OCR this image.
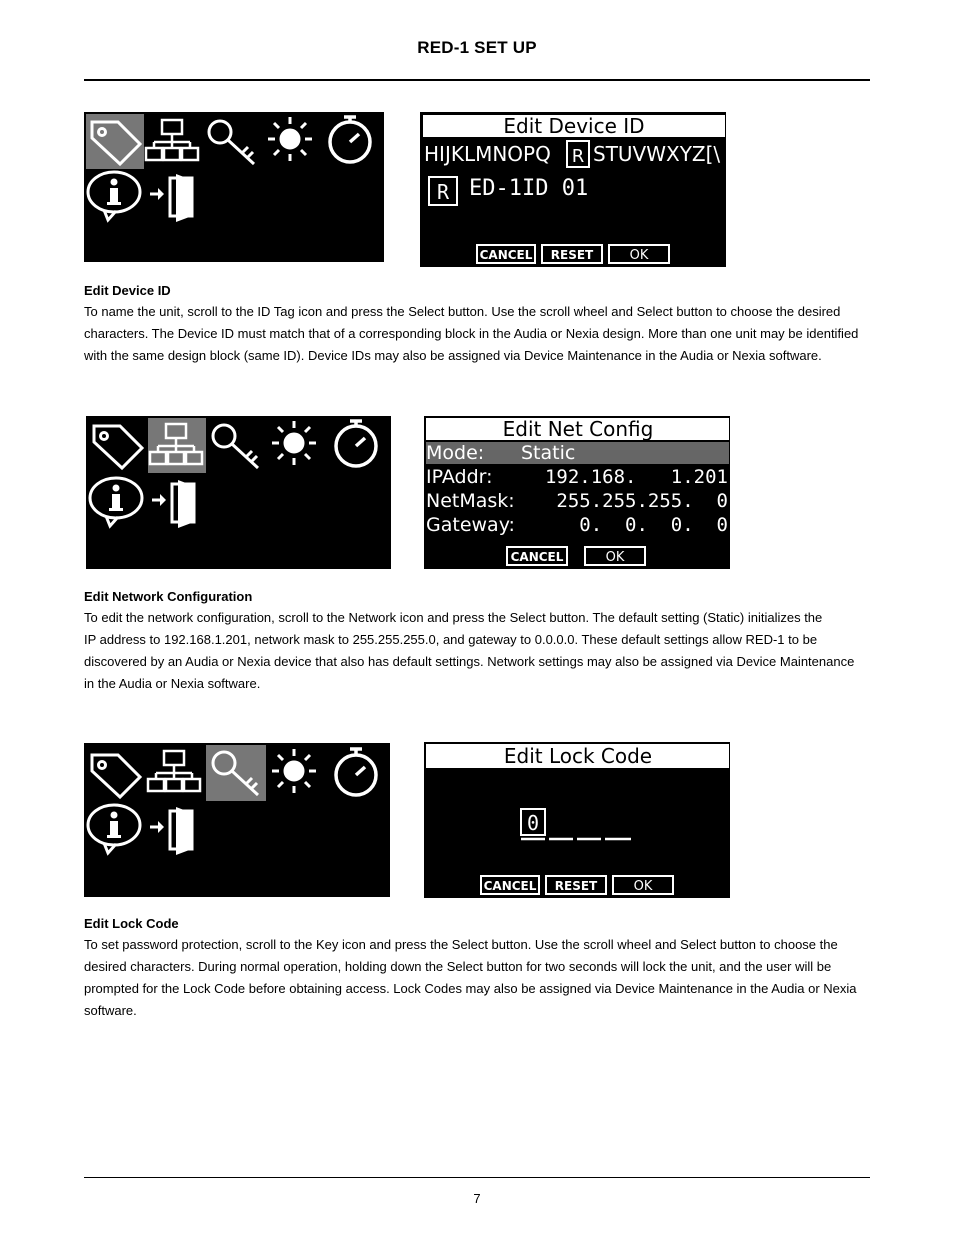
RED-1 SET UP
Edit Device ID
HIJKLMNOPQ R STUVWXYZ[\
R ED-1ID 01
CANCEL RESET	OK
Edit Device ID

To name the unit, scroll to the ID Tag icon and press the Select button. Use the scroll wheel and Select button to choose the desired characters. The Device ID must match that of a corresponding block in the Audia or Nexia design. More than one unit may be identified with the same design block (same ID). Device IDs may also be assigned via Device Maintenance in the Audia or Nexia software.

Edit Net Config
Mode: Static
IPAddr:	192.168.   1.201
NetMask: 255.255.255.  0
Gateway: 0.  0.  0.  0
CANCEL	OK
Edit Network Configuration

To edit the network configuration, scroll to the Network icon and press the Select button. The default setting (Static) initializes the

IP address to 192.168.1.201, network mask to 255.255.255.0, and gateway to 0.0.0.0. These default settings allow RED-1 to be discovered by an Audia or Nexia device that also has default settings. Network settings may also be assigned via Device Maintenance in the Audia or Nexia software.

Edit Lock Code
0
CANCEL RESET	OK
Edit Lock Code

To set password protection, scroll to the Key icon and press the Select button. Use the scroll wheel and Select button to choose the desired characters. During normal operation, holding down the Select button for two seconds will lock the unit, and the user will be prompted for the Lock Code before obtaining access. Lock Codes may also be assigned via Device Maintenance in the Audia or Nexia software.

7
